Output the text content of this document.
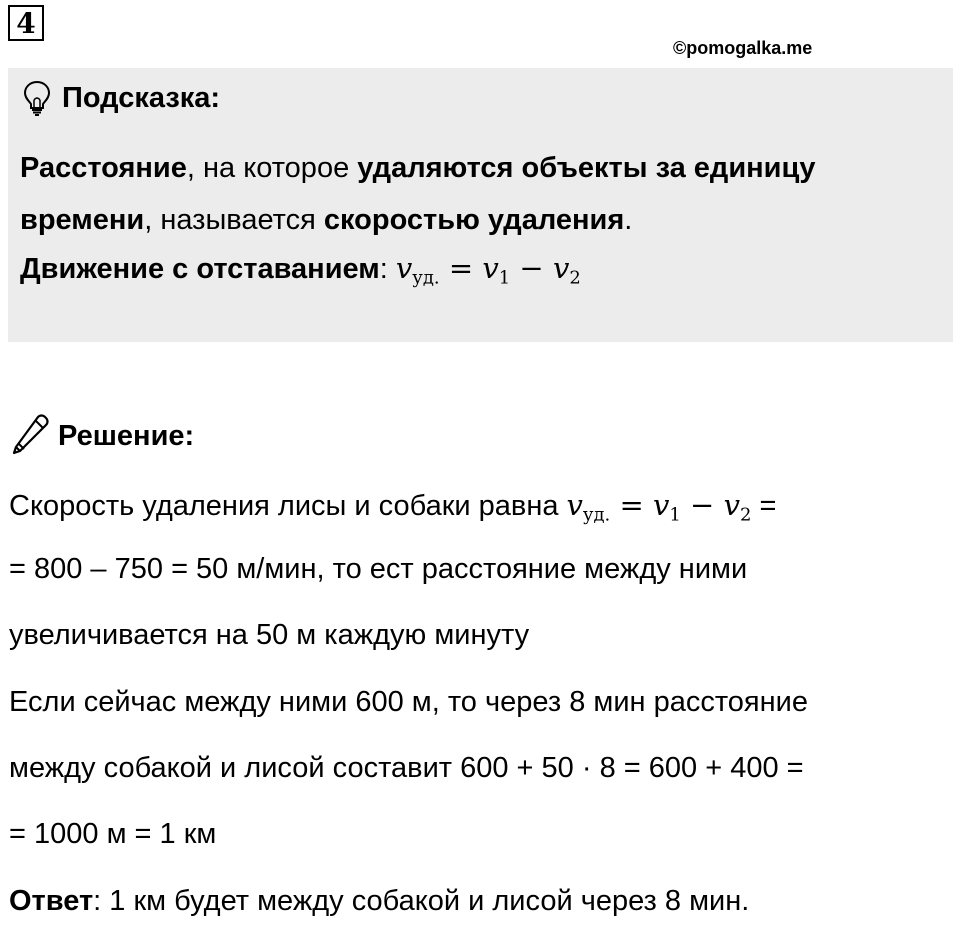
4
©pomogalka.me
Подсказка:
Расстояние, на которое удаляются объекты за единицу
времени, называется скоростью удаления.
Движение с отставанием: $v_{уд.} = v_1 - v_2$
Решение:
Скорость удаления лисы и собаки равна $v_{уд.} = v_1 - v_2$ =
= 800 – 750 = 50 м/мин, то ест расстояние между ними
увеличивается на 50 м каждую минуту
Если сейчас между ними 600 м, то через 8 мин расстояние
между собакой и лисой составит 600 + 50 · 8 = 600 + 400 =
= 1000 м = 1 км
Ответ: 1 км будет между собакой и лисой через 8 мин.
